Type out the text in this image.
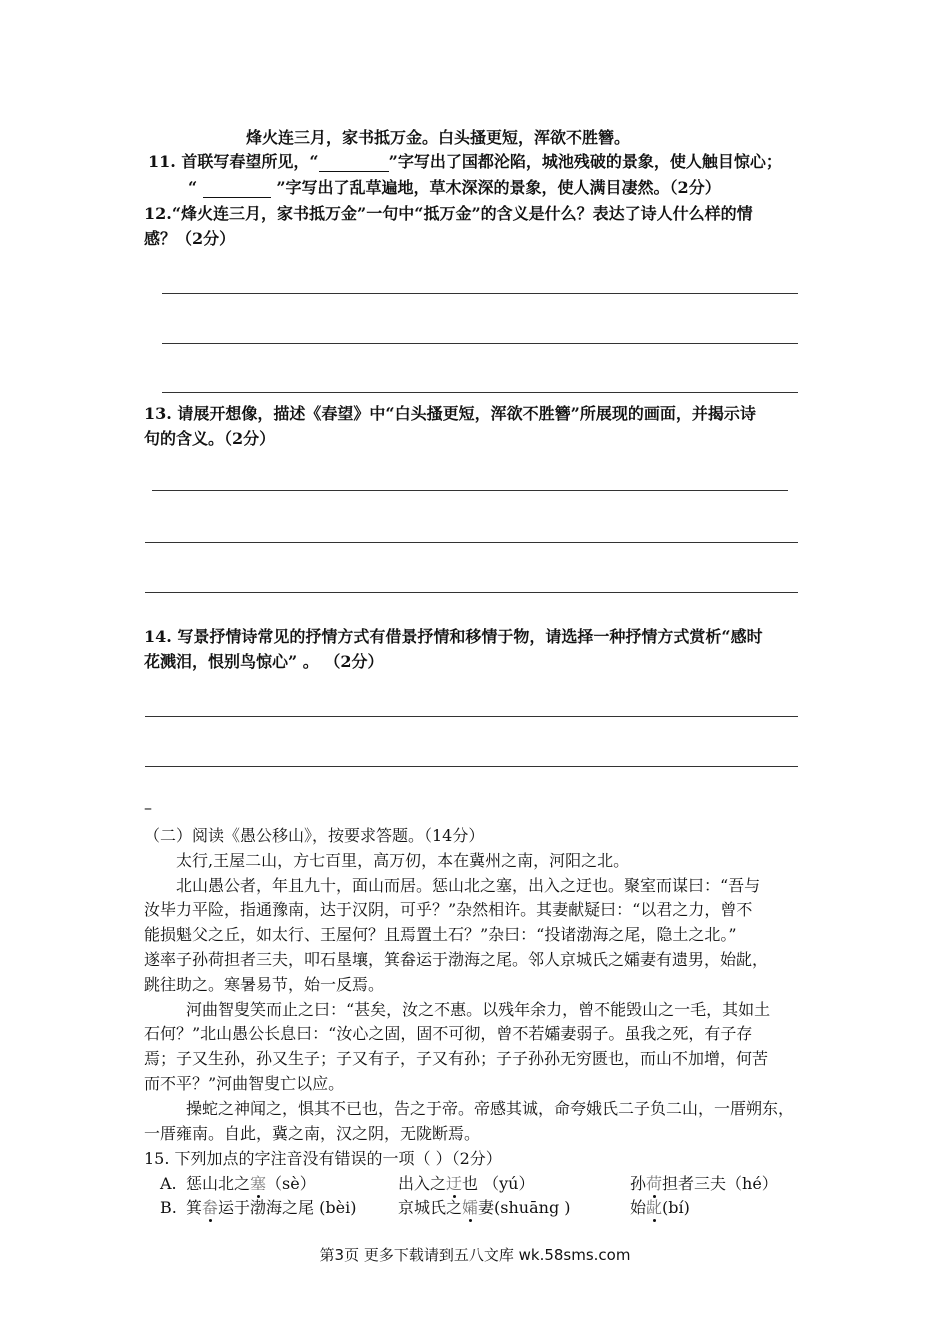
烽火连三月，家书抵万金。白头搔更短，浑欲不胜簪。
11. 首联写春望所见，“	”字写出了国都沦陷，城池残破的景象，使人触目惊心；
“	”字写出了乱草遍地，草木深深的景象，使人满目凄然。（2分）
12.“烽火连三月，家书抵万金”一句中“抵万金”的含义是什么？表达了诗人什么样的情
感？（2分）
13. 请展开想像，描述《春望》中“白头搔更短，浑欲不胜簪”所展现的画面，并揭示诗
句的含义。（2分）
14. 写景抒情诗常见的抒情方式有借景抒情和移情于物，请选择一种抒情方式赏析“感时
花溅泪，恨别鸟惊心” 。 （2分）
–
（二）阅读《愚公移山》，按要求答题。（14分）
太行,王屋二山，方七百里，高万仞，本在冀州之南，河阳之北。
北山愚公者，年且九十，面山而居。惩山北之塞，出入之迂也。聚室而谋曰：“吾与
汝毕力平险，指通豫南，达于汉阴，可乎？”杂然相许。其妻献疑曰：“以君之力，曾不
能损魁父之丘，如太行、王屋何？且焉置土石？”杂曰：“投诸渤海之尾，隐土之北。”
遂率子孙荷担者三夫，叩石垦壤，箕畚运于渤海之尾。邻人京城氏之孀妻有遗男，始龀，
跳往助之。寒暑易节，始一反焉。
河曲智叟笑而止之曰：“甚矣，汝之不惠。以残年余力，曾不能毁山之一毛，其如土
石何？”北山愚公长息曰：“汝心之固，固不可彻，曾不若孀妻弱子。虽我之死，有子存
焉；子又生孙，孙又生子；子又有子，子又有孙；子子孙孙无穷匮也，而山不加增，何苦
而不平？”河曲智叟亡以应。
操蛇之神闻之，惧其不已也，告之于帝。帝感其诚，命夸娥氏二子负二山，一厝朔东，
一厝雍南。自此，冀之南，汉之阴，无陇断焉。
15. 下列加点的字注音没有错误的一项（ ）（2分）
A. 惩山北之塞（sè）	出入之迂也 （yú）	孙荷担者三夫（hé）
B. 箕畚运于渤海之尾 (bèi)	京城氏之孀妻(shuāng )	始龀(bí)
第3页 更多下载请到五八文库 wk.58sms.com
